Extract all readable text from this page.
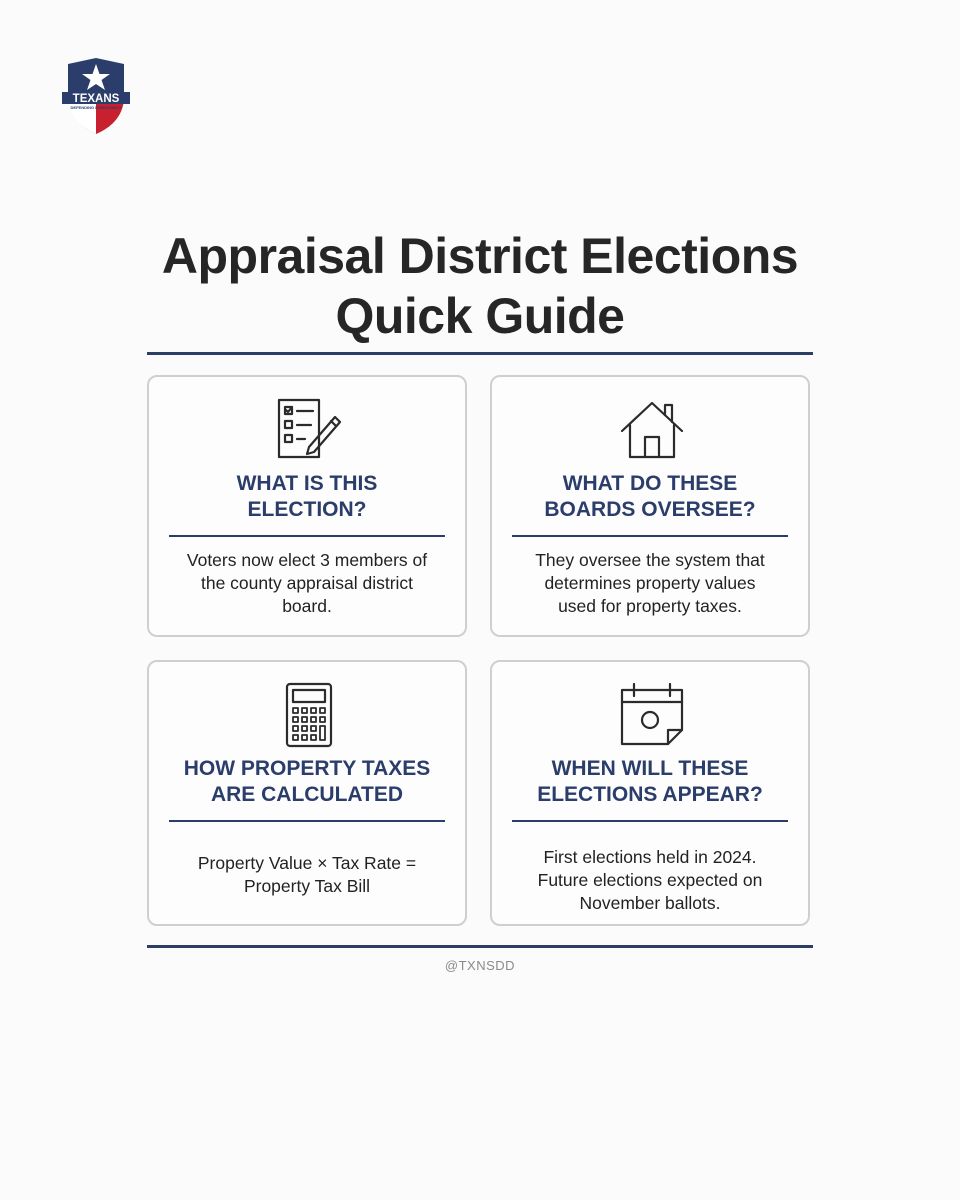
TEXANS
DEFENDING DEMOCRACY
Appraisal District Elections
Quick Guide
WHAT IS THIS
ELECTION?

Voters now elect 3 members of
the county appraisal district
board.

WHAT DO THESE
BOARDS OVERSEE?

They oversee the system that
determines property values
used for property taxes.

HOW PROPERTY TAXES
ARE CALCULATED

Property Value × Tax Rate =
Property Tax Bill

WHEN WILL THESE
ELECTIONS APPEAR?

First elections held in 2024.
Future elections expected on
November ballots.

@TXNSDD
